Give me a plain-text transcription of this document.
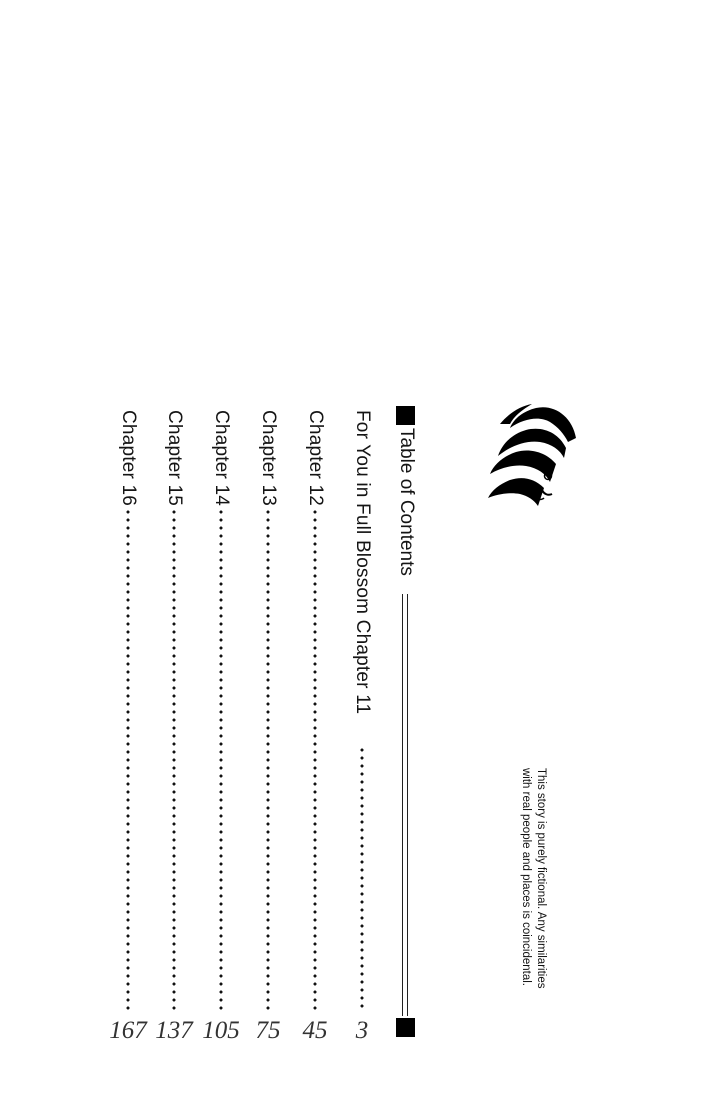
This story is purely fictional. Any similarities
with real people and places is coincidental.
Table of Contents
For You in Full Blossom Chapter 11
3
Chapter 12
45
Chapter 13
75
Chapter 14
105
Chapter 15
137
Chapter 16
167
